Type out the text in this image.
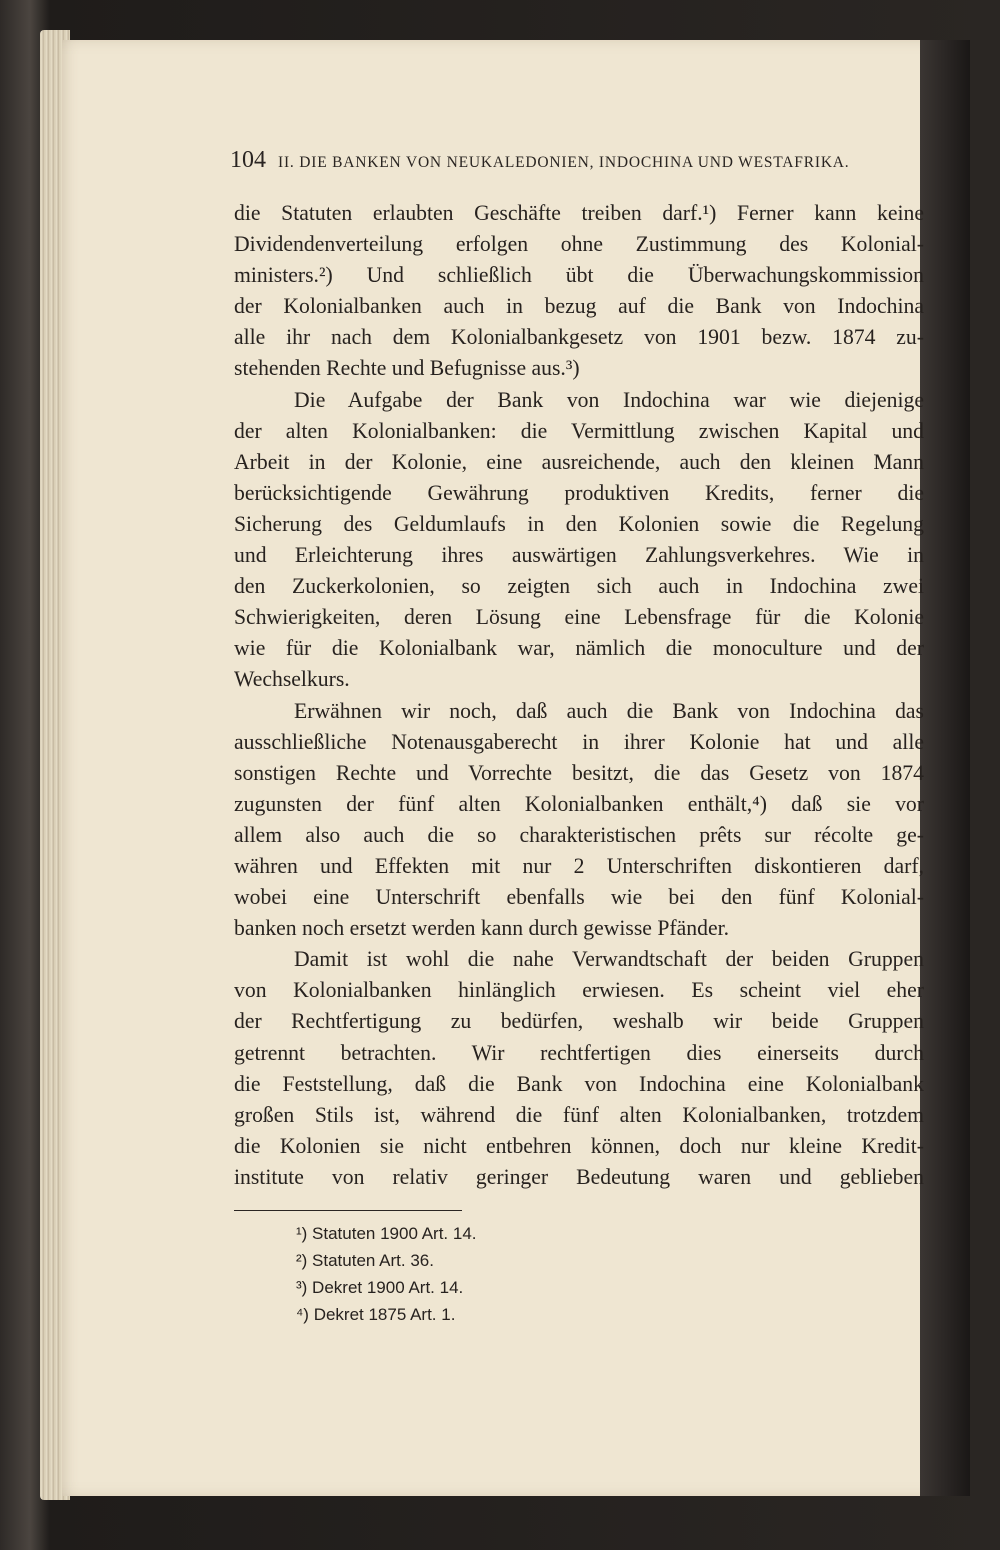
104 II. DIE BANKEN VON NEUKALEDONIEN, INDOCHINA UND WESTAFRIKA.

die Statuten erlaubten Geschäfte treiben darf.¹) Ferner kann keine
Dividendenverteilung erfolgen ohne Zustimmung des Kolonial-
ministers.²) Und schließlich übt die Überwachungskommission
der Kolonialbanken auch in bezug auf die Bank von Indochina
alle ihr nach dem Kolonialbankgesetz von 1901 bezw. 1874 zu-
stehenden Rechte und Befugnisse aus.³)

Die Aufgabe der Bank von Indochina war wie diejenige
der alten Kolonialbanken: die Vermittlung zwischen Kapital und
Arbeit in der Kolonie, eine ausreichende, auch den kleinen Mann
berücksichtigende Gewährung produktiven Kredits, ferner die
Sicherung des Geldumlaufs in den Kolonien sowie die Regelung
und Erleichterung ihres auswärtigen Zahlungsverkehres. Wie in
den Zuckerkolonien, so zeigten sich auch in Indochina zwei
Schwierigkeiten, deren Lösung eine Lebensfrage für die Kolonie
wie für die Kolonialbank war, nämlich die monoculture und der
Wechselkurs.

Erwähnen wir noch, daß auch die Bank von Indochina das
ausschließliche Notenausgaberecht in ihrer Kolonie hat und alle
sonstigen Rechte und Vorrechte besitzt, die das Gesetz von 1874
zugunsten der fünf alten Kolonialbanken enthält,⁴) daß sie vor
allem also auch die so charakteristischen prêts sur récolte ge-
währen und Effekten mit nur 2 Unterschriften diskontieren darf,
wobei eine Unterschrift ebenfalls wie bei den fünf Kolonial-
banken noch ersetzt werden kann durch gewisse Pfänder.

Damit ist wohl die nahe Verwandtschaft der beiden Gruppen
von Kolonialbanken hinlänglich erwiesen. Es scheint viel eher
der Rechtfertigung zu bedürfen, weshalb wir beide Gruppen
getrennt betrachten. Wir rechtfertigen dies einerseits durch
die Feststellung, daß die Bank von Indochina eine Kolonialbank
großen Stils ist, während die fünf alten Kolonialbanken, trotzdem
die Kolonien sie nicht entbehren können, doch nur kleine Kredit-
institute von relativ geringer Bedeutung waren und geblieben

¹) Statuten 1900 Art. 14.
²) Statuten Art. 36.
³) Dekret 1900 Art. 14.
⁴) Dekret 1875 Art. 1.
